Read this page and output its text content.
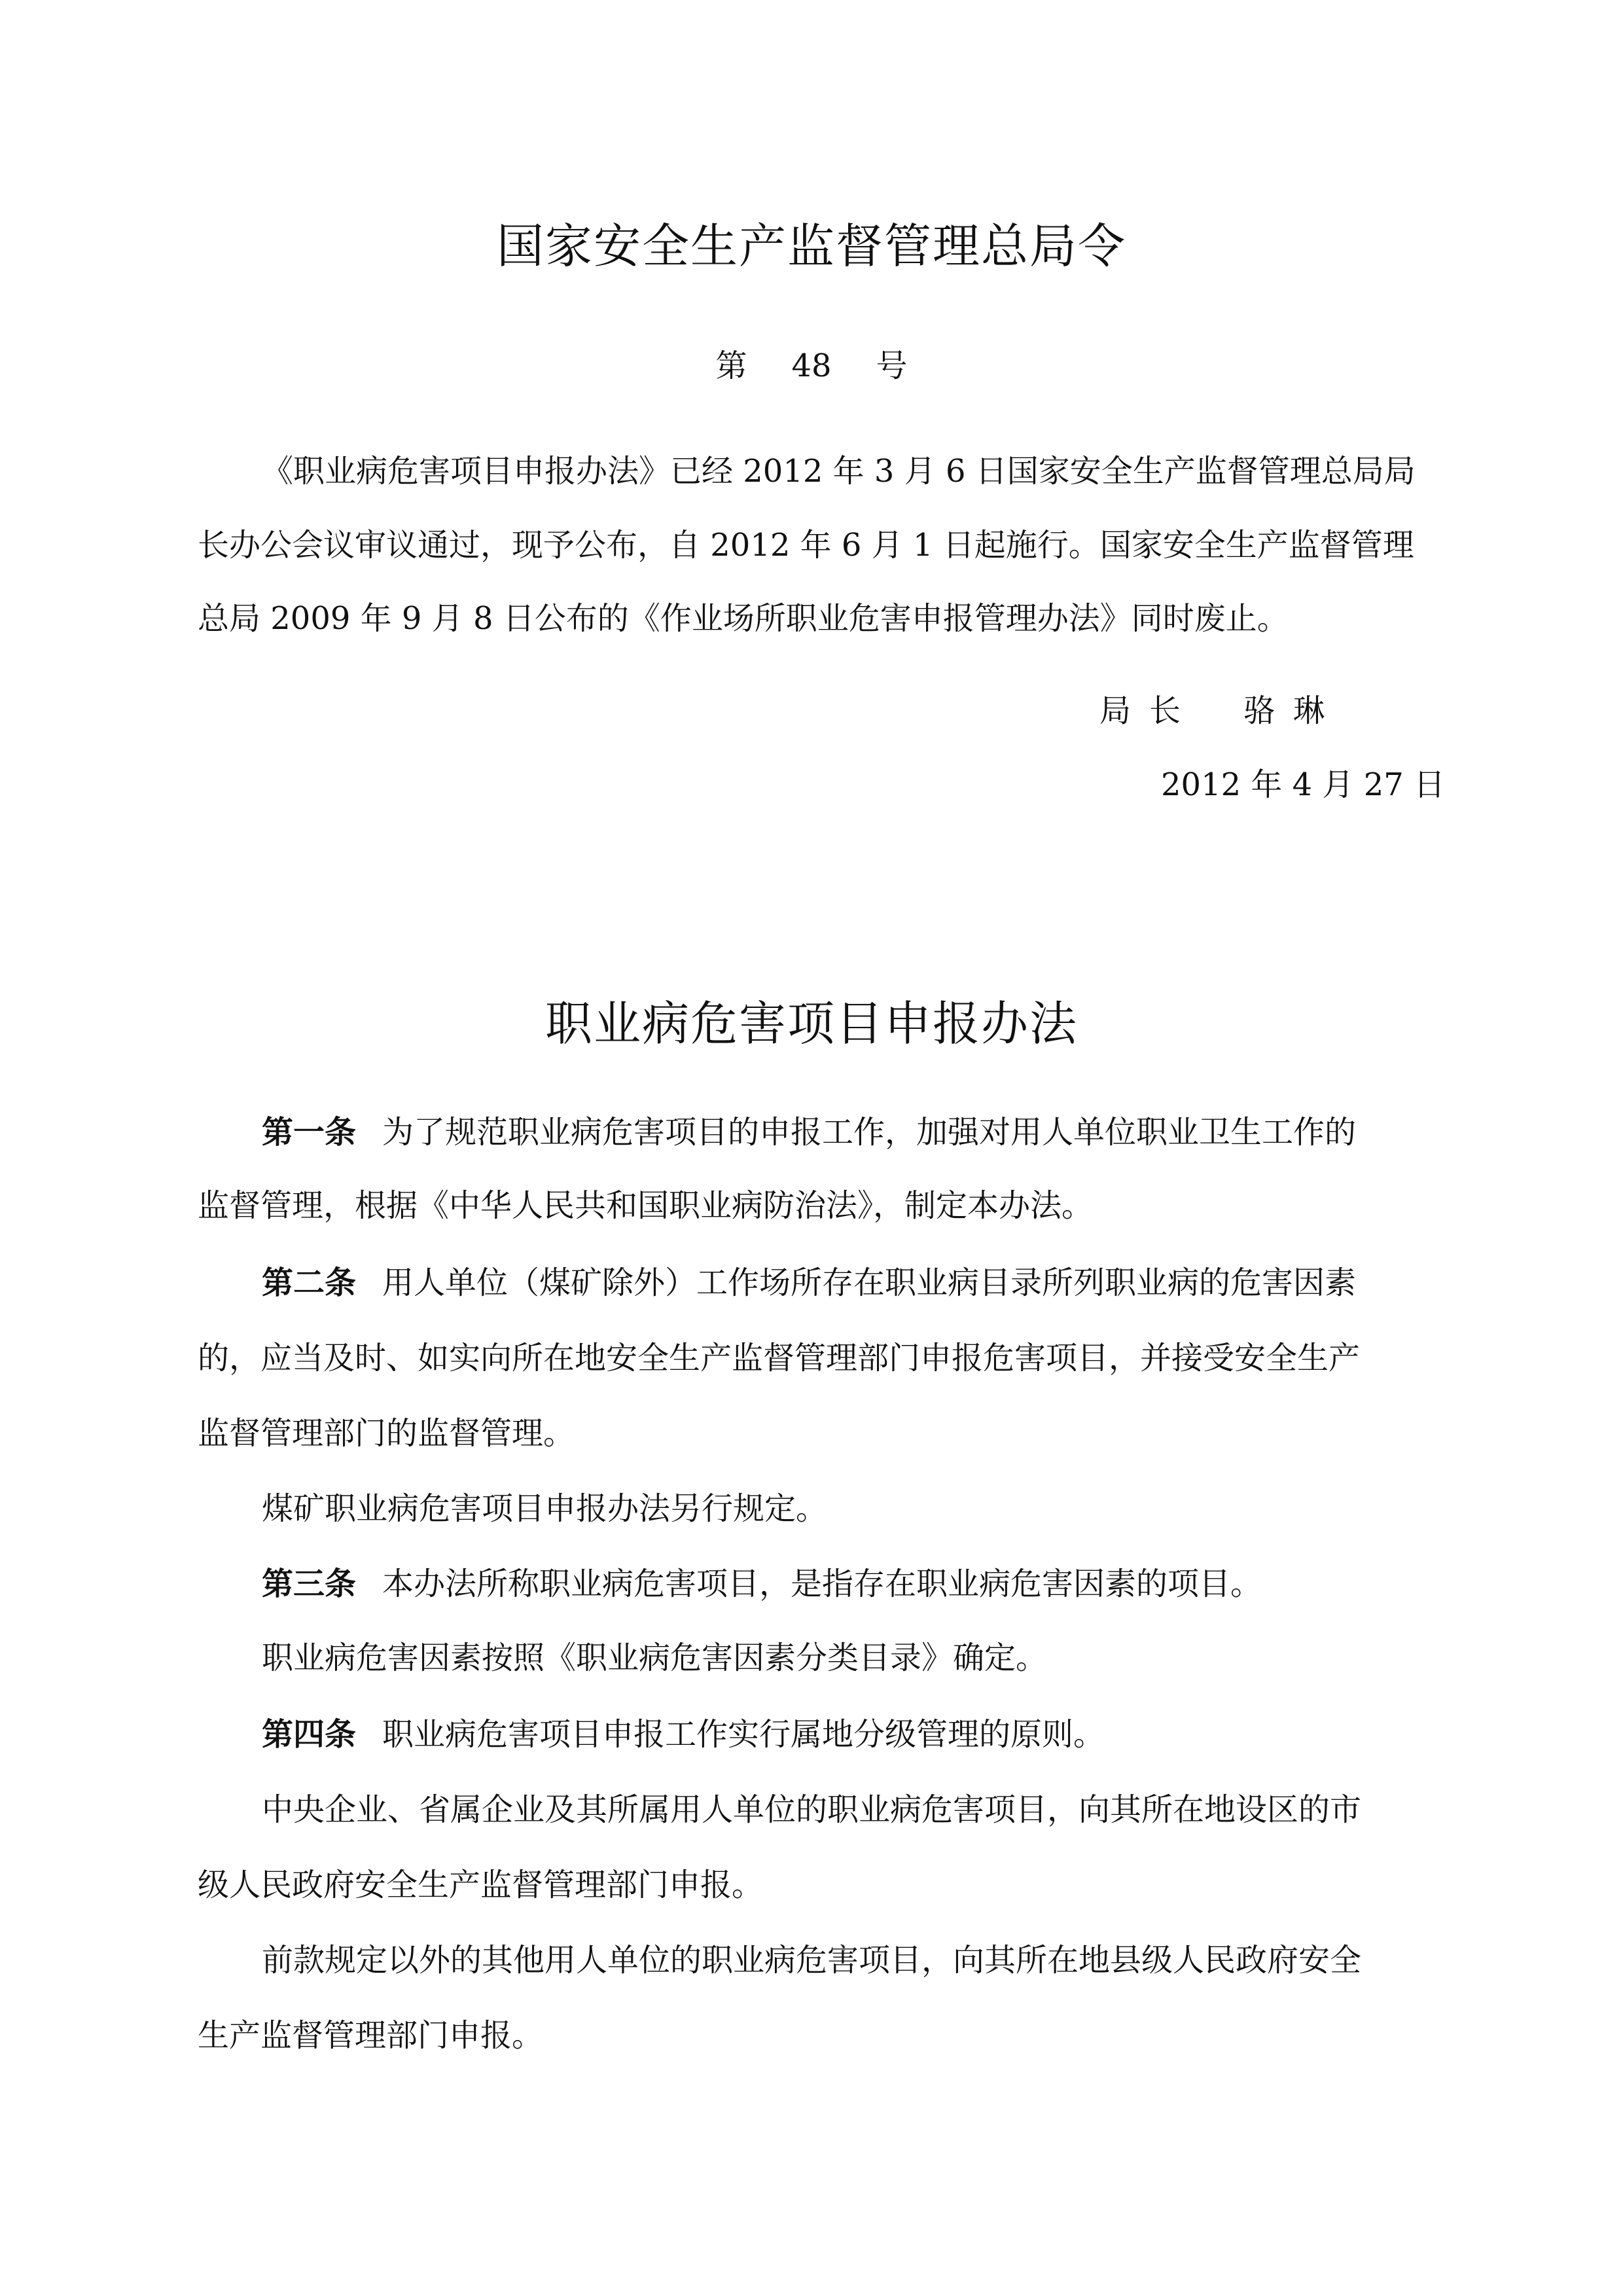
国家安全生产监督管理总局令
第 48 号
《职业病危害项目申报办法》已经 2012 年 3 月 6 日国家安全生产监督管理总局局
长办公会议审议通过，现予公布，自 2012 年 6 月 1 日起施行。国家安全生产监督管理
总局 2009 年 9 月 8 日公布的《作业场所职业危害申报管理办法》同时废止。
局 长 骆 琳
2012 年 4 月 27 日
职业病危害项目申报办法
第一条 为了规范职业病危害项目的申报工作，加强对用人单位职业卫生工作的
监督管理，根据《中华人民共和国职业病防治法》，制定本办法。
第二条 用人单位（煤矿除外）工作场所存在职业病目录所列职业病的危害因素
的，应当及时、如实向所在地安全生产监督管理部门申报危害项目，并接受安全生产
监督管理部门的监督管理。
煤矿职业病危害项目申报办法另行规定。
第三条 本办法所称职业病危害项目，是指存在职业病危害因素的项目。
职业病危害因素按照《职业病危害因素分类目录》确定。
第四条 职业病危害项目申报工作实行属地分级管理的原则。
中央企业、省属企业及其所属用人单位的职业病危害项目，向其所在地设区的市
级人民政府安全生产监督管理部门申报。
前款规定以外的其他用人单位的职业病危害项目，向其所在地县级人民政府安全
生产监督管理部门申报。
